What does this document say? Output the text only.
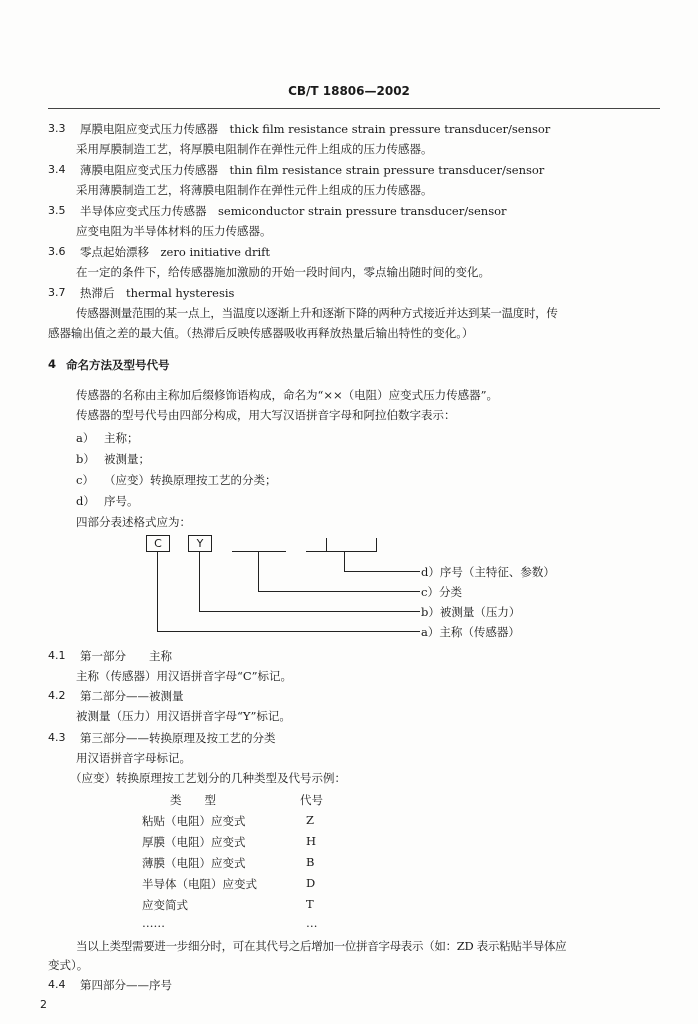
CB/T 18806—2002
3.3 厚膜电阻应变式压力传感器　thick film resistance strain pressure transducer/sensor
采用厚膜制造工艺，将厚膜电阻制作在弹性元件上组成的压力传感器。
3.4 薄膜电阻应变式压力传感器　thin film resistance strain pressure transducer/sensor
采用薄膜制造工艺，将薄膜电阻制作在弹性元件上组成的压力传感器。
3.5 半导体应变式压力传感器　semiconductor strain pressure transducer/sensor
应变电阻为半导体材料的压力传感器。
3.6 零点起始漂移　zero initiative drift
在一定的条件下，给传感器施加激励的开始一段时间内，零点输出随时间的变化。
3.7 热滞后　thermal hysteresis
传感器测量范围的某一点上，当温度以逐渐上升和逐渐下降的两种方式接近并达到某一温度时，传
感器输出值之差的最大值。（热滞后反映传感器吸收再释放热量后输出特性的变化。）
4 命名方法及型号代号
传感器的名称由主称加后缀修饰语构成，命名为“××（电阻）应变式压力传感器”。
传感器的型号代号由四部分构成，用大写汉语拼音字母和阿拉伯数字表示：
a） 主称；
b） 被测量；
c） （应变）转换原理按工艺的分类；
d） 序号。
四部分表述格式应为：
C	Y
d）序号（主特征、参数）
c）分类
b）被测量（压力）
a）主称（传感器）
4.1 第一部分　　主称
主称（传感器）用汉语拼音字母“C”标记。
4.2 第二部分——被测量
被测量（压力）用汉语拼音字母“Y”标记。
4.3 第三部分——转换原理及按工艺的分类
用汉语拼音字母标记。
（应变）转换原理按工艺划分的几种类型及代号示例：
类　　型	代号
粘贴（电阻）应变式	Z
厚膜（电阻）应变式	H
薄膜（电阻）应变式	B
半导体（电阻）应变式	D
应变简式	T
……	…
当以上类型需要进一步细分时，可在其代号之后增加一位拼音字母表示（如：ZD 表示粘贴半导体应
变式）。
4.4 第四部分——序号
2
